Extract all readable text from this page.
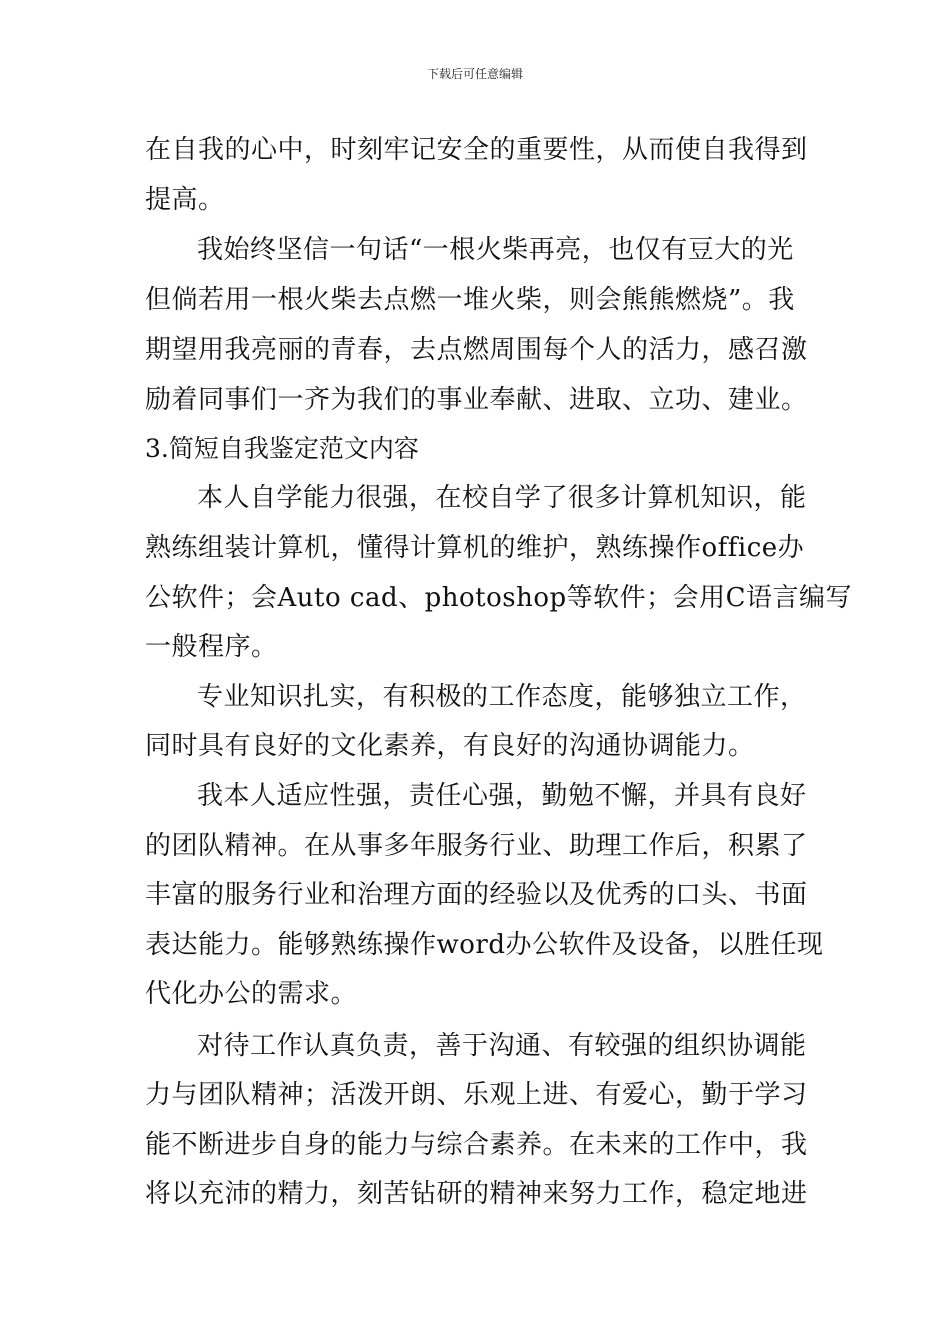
下载后可任意编辑
在自我的心中，时刻牢记安全的重要性，从而使自我得到
提高。
我始终坚信一句话“一根火柴再亮，也仅有豆大的光
但倘若用一根火柴去点燃一堆火柴，则会熊熊燃烧”。我
期望用我亮丽的青春，去点燃周围每个人的活力，感召激
励着同事们一齐为我们的事业奉献、进取、立功、建业。
3.简短自我鉴定范文内容
本人自学能力很强，在校自学了很多计算机知识，能
熟练组装计算机，懂得计算机的维护，熟练操作office办
公软件；会Auto cad、photoshop等软件；会用C语言编写
一般程序。
专业知识扎实，有积极的工作态度，能够独立工作，
同时具有良好的文化素养，有良好的沟通协调能力。
我本人适应性强，责任心强，勤勉不懈，并具有良好
的团队精神。在从事多年服务行业、助理工作后，积累了
丰富的服务行业和治理方面的经验以及优秀的口头、书面
表达能力。能够熟练操作word办公软件及设备，以胜任现
代化办公的需求。
对待工作认真负责，善于沟通、有较强的组织协调能
力与团队精神；活泼开朗、乐观上进、有爱心，勤于学习
能不断进步自身的能力与综合素养。在未来的工作中，我
将以充沛的精力，刻苦钻研的精神来努力工作，稳定地进
